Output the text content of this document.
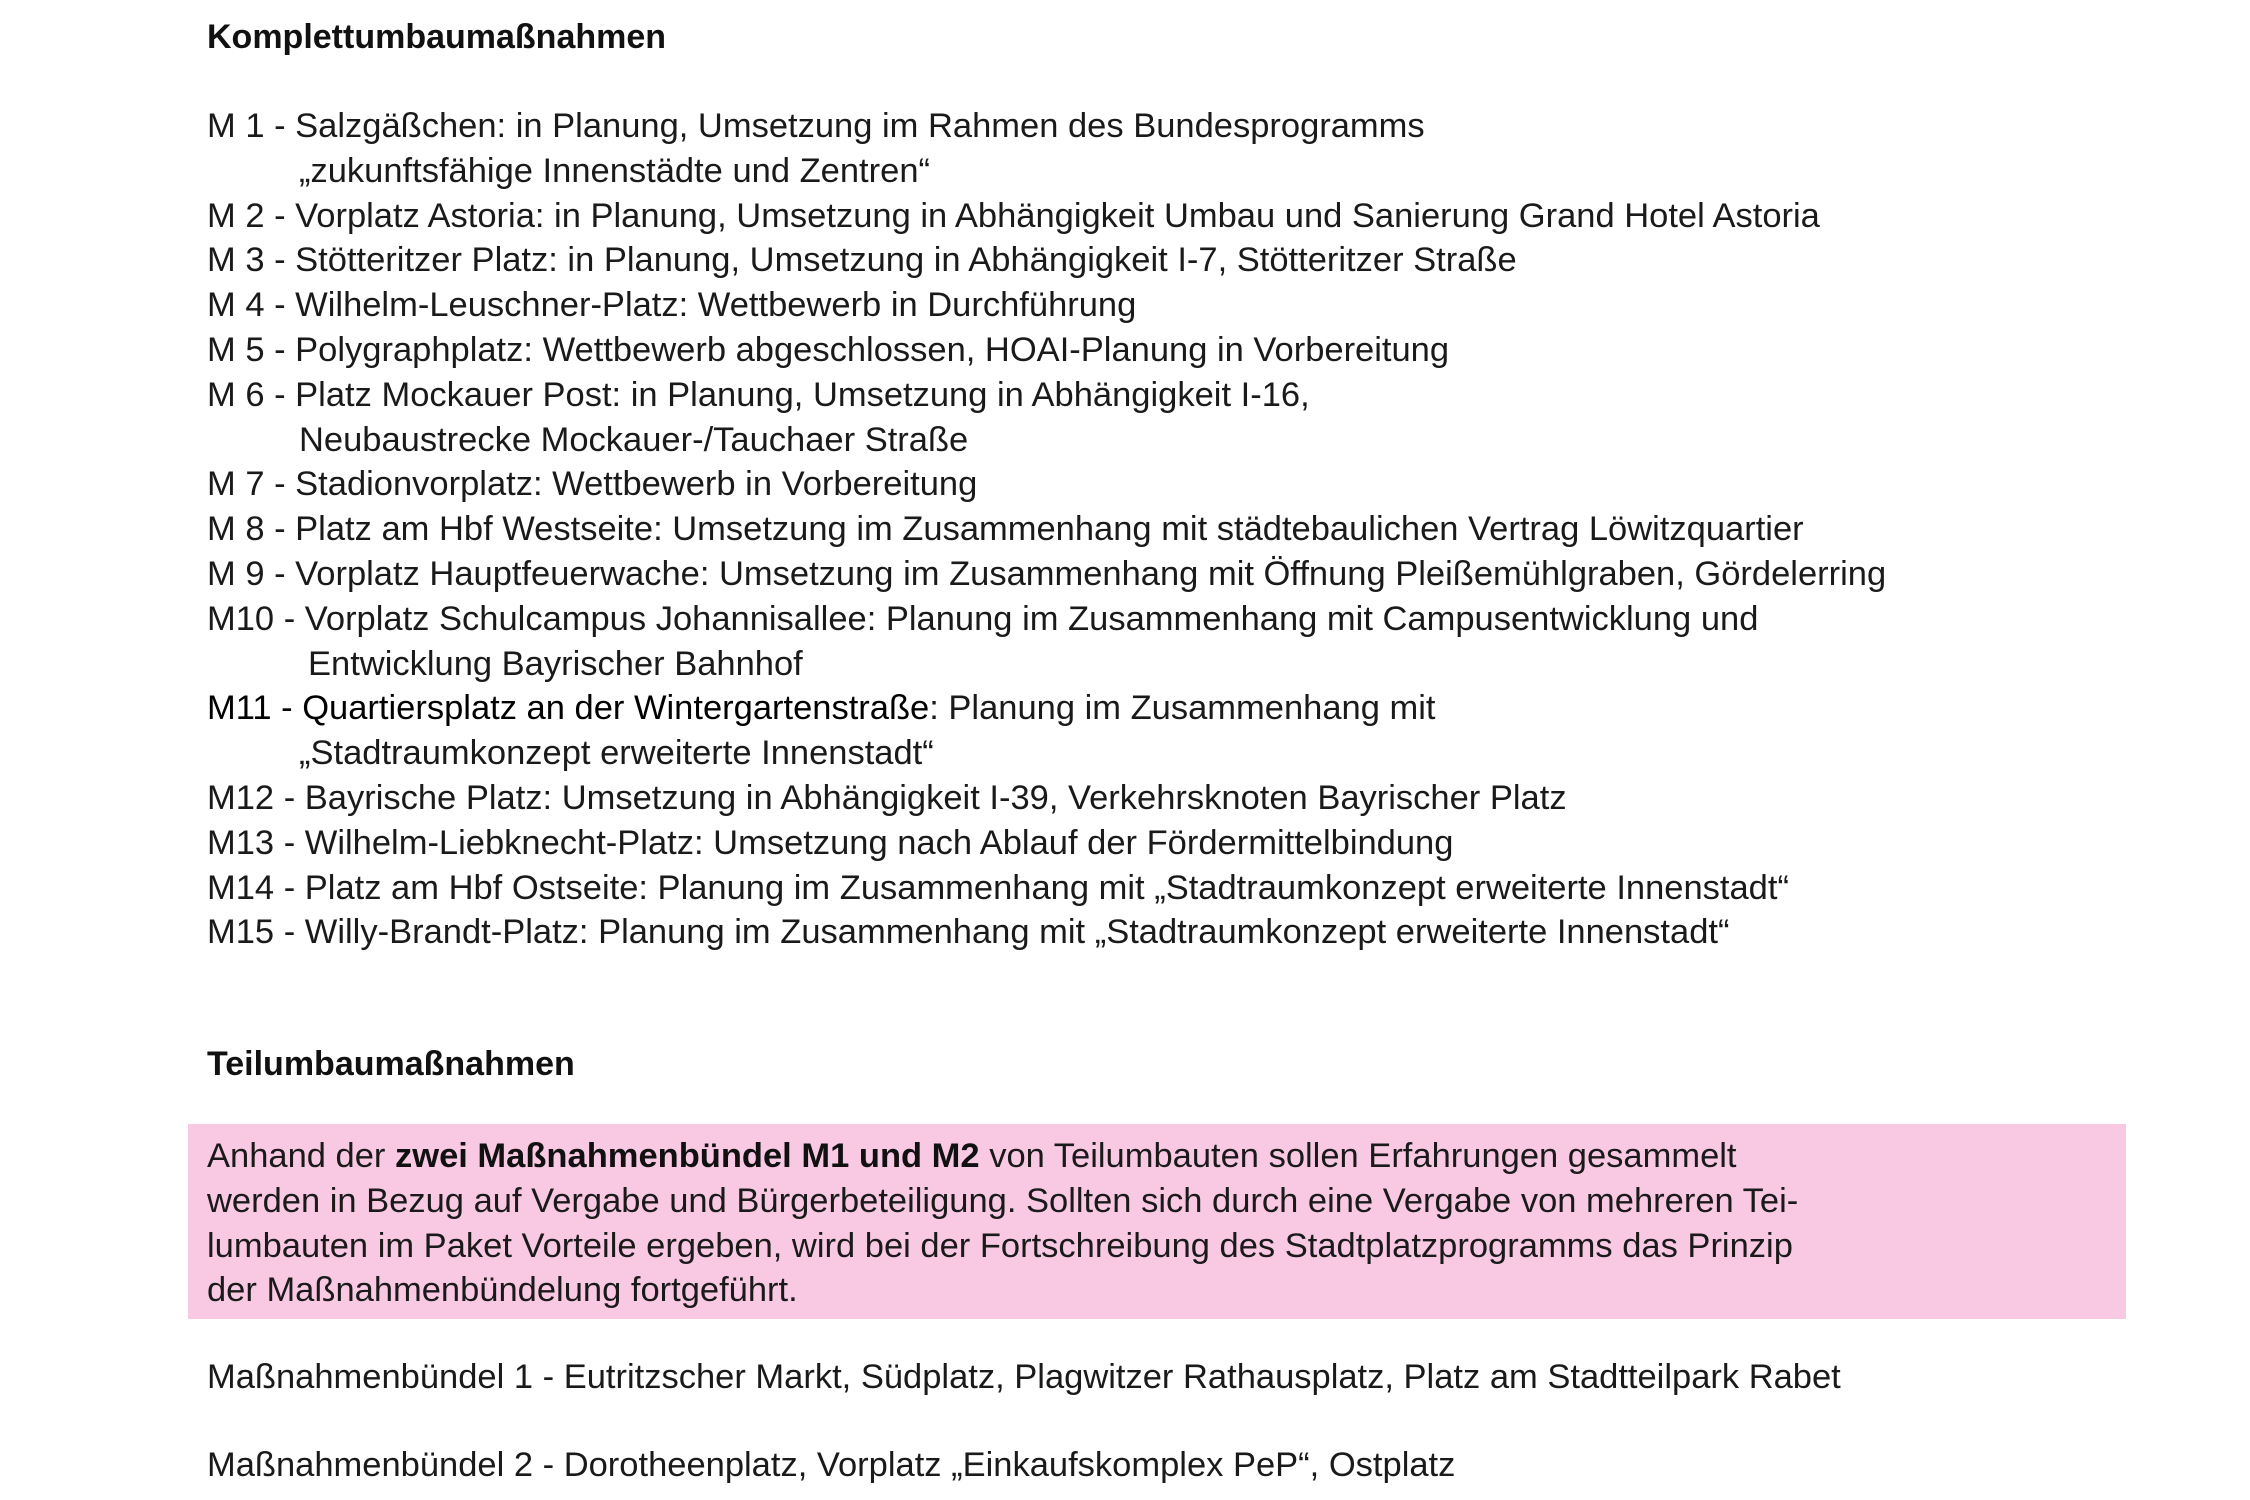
Komplettumbaumaßnahmen
M 1 - Salzgäßchen: in Planung, Umsetzung im Rahmen des Bundesprogramms
„zukunftsfähige Innenstädte und Zentren“
M 2 - Vorplatz Astoria: in Planung, Umsetzung in Abhängigkeit Umbau und Sanierung Grand Hotel Astoria
M 3 - Stötteritzer Platz: in Planung, Umsetzung in Abhängigkeit I-7, Stötteritzer Straße
M 4 - Wilhelm-Leuschner-Platz: Wettbewerb in Durchführung
M 5 - Polygraphplatz: Wettbewerb abgeschlossen, HOAI-Planung in Vorbereitung
M 6 - Platz Mockauer Post: in Planung, Umsetzung in Abhängigkeit I-16,
Neubaustrecke Mockauer-/Tauchaer Straße
M 7 - Stadionvorplatz: Wettbewerb in Vorbereitung
M 8 - Platz am Hbf Westseite: Umsetzung im Zusammenhang mit städtebaulichen Vertrag Löwitzquartier
M 9 - Vorplatz Hauptfeuerwache: Umsetzung im Zusammenhang mit Öffnung Pleißemühlgraben, Gördelerring
M10 - Vorplatz Schulcampus Johannisallee: Planung im Zusammenhang mit Campusentwicklung und
Entwicklung Bayrischer Bahnhof
M11 - Quartiersplatz an der Wintergartenstraße: Planung im Zusammenhang mit
„Stadtraumkonzept erweiterte Innenstadt“
M12 - Bayrische Platz: Umsetzung in Abhängigkeit I-39, Verkehrsknoten Bayrischer Platz
M13 - Wilhelm-Liebknecht-Platz: Umsetzung nach Ablauf der Fördermittelbindung
M14 - Platz am Hbf Ostseite: Planung im Zusammenhang mit „Stadtraumkonzept erweiterte Innenstadt“
M15 - Willy-Brandt-Platz: Planung im Zusammenhang mit „Stadtraumkonzept erweiterte Innenstadt“
Teilumbaumaßnahmen
Anhand der zwei Maßnahmenbündel M1 und M2 von Teilumbauten sollen Erfahrungen gesammelt
werden in Bezug auf Vergabe und Bürgerbeteiligung. Sollten sich durch eine Vergabe von mehreren Tei-
lumbauten im Paket Vorteile ergeben, wird bei der Fortschreibung des Stadtplatzprogramms das Prinzip
der Maßnahmenbündelung fortgeführt.
Maßnahmenbündel 1 - Eutritzscher Markt, Südplatz, Plagwitzer Rathausplatz, Platz am Stadtteilpark Rabet
Maßnahmenbündel 2 - Dorotheenplatz, Vorplatz „Einkaufskomplex PeP“, Ostplatz
